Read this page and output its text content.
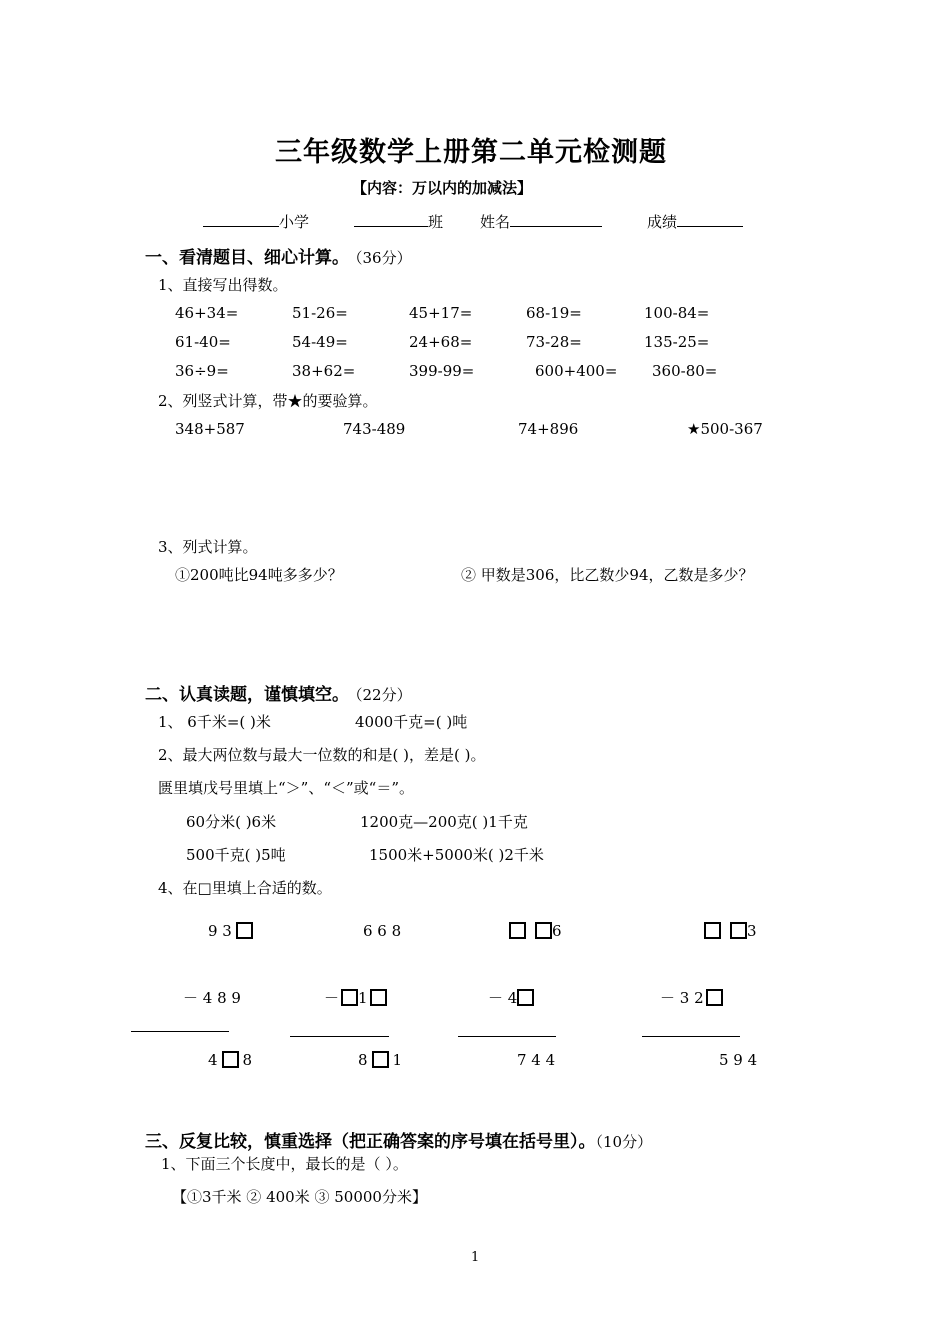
三年级数学上册第二单元检测题
【内容：万以内的加减法】
小学	班 姓名	成绩
一、看清题目、细心计算。 （36分）
1、直接写出得数。
46+34=	51-26=	45+17=	68-19=	100-84=
61-40=	54-49=	24+68=	73-28=	135-25=
36÷9=	38+62=	399-99=	600+400= 360-80=
2、列竖式计算，带★的要验算。
348+587	743-489	74+896	★500-367
3、列式计算。
①200吨比94吨多多少？	② 甲数是306，比乙数少94，乙数是多少？
二、认真读题，谨慎填空。 （22分）
1、 6千米=( )米	4000千克=( )吨
2、最大两位数与最大一位数的和是( )，差是( )。
匮里填戊号里填上“＞”、“＜”或“＝”。
60分米( )6米	1200克—200克( )1千克
500千克( )5吨	1500米+5000米( )2千米
4、在□里填上合适的数。
9 3
－ 4 8 9
4 8
6 6 8
－ 1
8 1
6
－ 4
7 4 4
3
－ 3 2
5 9 4
三、反复比较，慎重选择（把正确答案的序号填在括号里）。（10分）
1、下面三个长度中，最长的是（ ）。
【①3千米 ② 400米 ③ 50000分米】
1
